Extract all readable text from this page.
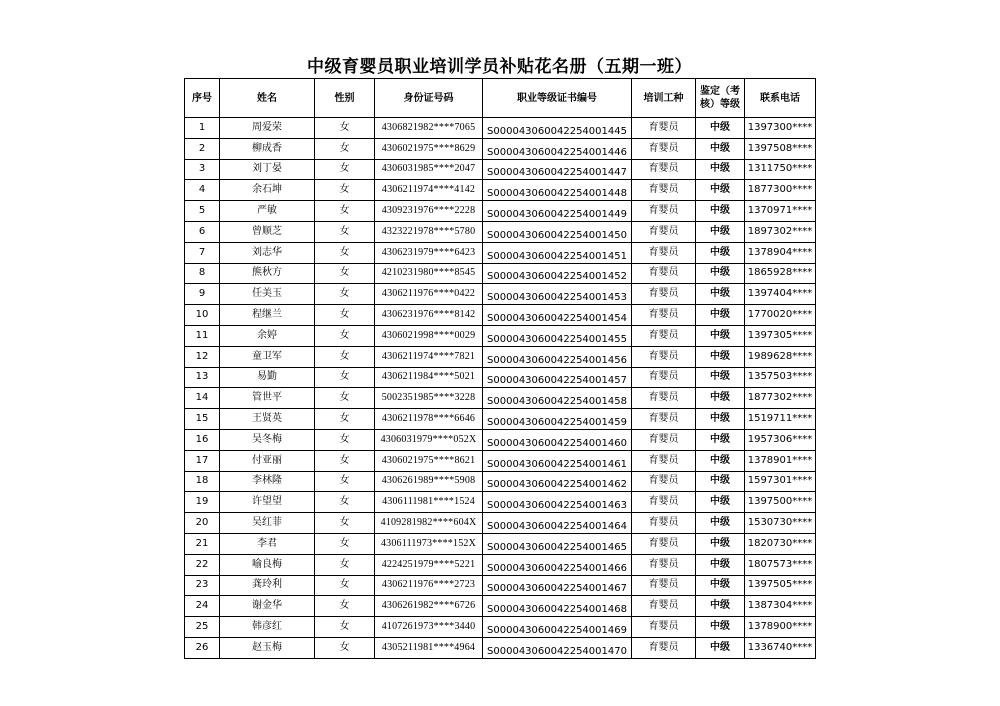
中级育婴员职业培训学员补贴花名册（五期一班）
序号	姓名	性别	身份证号码	职业等级证书编号	培训工种	鉴定（考核）等级	联系电话
1	周爱荣	女	4306821982****7065	S000043060042254001445	育婴员	中级	1397300****
2	柳成香	女	4306021975****8629	S000043060042254001446	育婴员	中级	1397508****
3	刘丁晏	女	4306031985****2047	S000043060042254001447	育婴员	中级	1311750****
4	余石坤	女	4306211974****4142	S000043060042254001448	育婴员	中级	1877300****
5	严敏	女	4309231976****2228	S000043060042254001449	育婴员	中级	1370971****
6	曾顺芝	女	4323221978****5780	S000043060042254001450	育婴员	中级	1897302****
7	刘志华	女	4306231979****6423	S000043060042254001451	育婴员	中级	1378904****
8	熊秋方	女	4210231980****8545	S000043060042254001452	育婴员	中级	1865928****
9	任美玉	女	4306211976****0422	S000043060042254001453	育婴员	中级	1397404****
10	程继兰	女	4306231976****8142	S000043060042254001454	育婴员	中级	1770020****
11	余婷	女	4306021998****0029	S000043060042254001455	育婴员	中级	1397305****
12	童卫军	女	4306211974****7821	S000043060042254001456	育婴员	中级	1989628****
13	易勤	女	4306211984****5021	S000043060042254001457	育婴员	中级	1357503****
14	管世平	女	5002351985****3228	S000043060042254001458	育婴员	中级	1877302****
15	王贤英	女	4306211978****6646	S000043060042254001459	育婴员	中级	1519711****
16	吴冬梅	女	4306031979****052X	S000043060042254001460	育婴员	中级	1957306****
17	付亚丽	女	4306021975****8621	S000043060042254001461	育婴员	中级	1378901****
18	李林隆	女	4306261989****5908	S000043060042254001462	育婴员	中级	1597301****
19	许望望	女	4306111981****1524	S000043060042254001463	育婴员	中级	1397500****
20	吴红菲	女	4109281982****604X	S000043060042254001464	育婴员	中级	1530730****
21	李君	女	4306111973****152X	S000043060042254001465	育婴员	中级	1820730****
22	喻良梅	女	4224251979****5221	S000043060042254001466	育婴员	中级	1807573****
23	龚玲利	女	4306211976****2723	S000043060042254001467	育婴员	中级	1397505****
24	谢金华	女	4306261982****6726	S000043060042254001468	育婴员	中级	1387304****
25	韩彦红	女	4107261973****3440	S000043060042254001469	育婴员	中级	1378900****
26	赵玉梅	女	4305211981****4964	S000043060042254001470	育婴员	中级	1336740****
